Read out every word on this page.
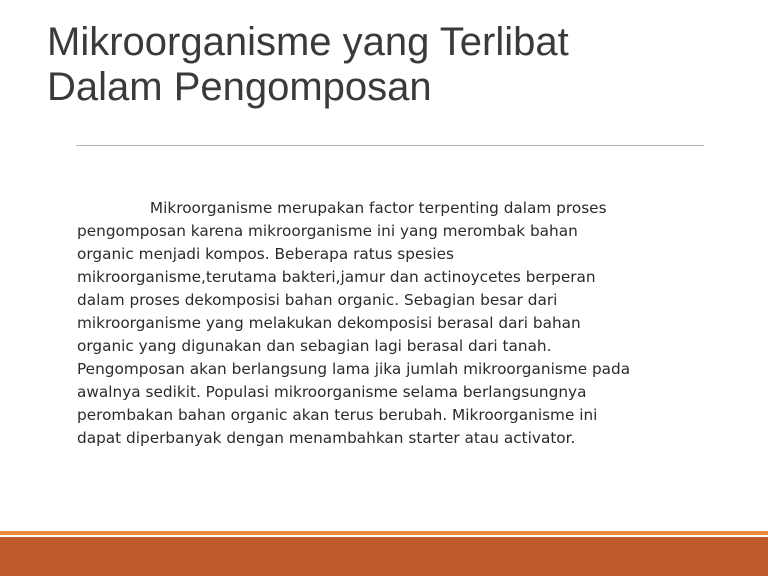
Mikroorganisme yang Terlibat
Dalam Pengomposan

Mikroorganisme merupakan factor terpenting dalam proses
pengomposan karena mikroorganisme ini yang merombak bahan
organic menjadi kompos. Beberapa ratus spesies
mikroorganisme,terutama bakteri,jamur dan actinoycetes berperan
dalam proses dekomposisi bahan organic. Sebagian besar dari
mikroorganisme yang melakukan dekomposisi berasal dari bahan
organic yang digunakan dan sebagian lagi berasal dari tanah.
Pengomposan akan berlangsung lama jika jumlah mikroorganisme pada
awalnya sedikit. Populasi mikroorganisme selama berlangsungnya
perombakan bahan organic akan terus berubah. Mikroorganisme ini
dapat diperbanyak dengan menambahkan starter atau activator.
